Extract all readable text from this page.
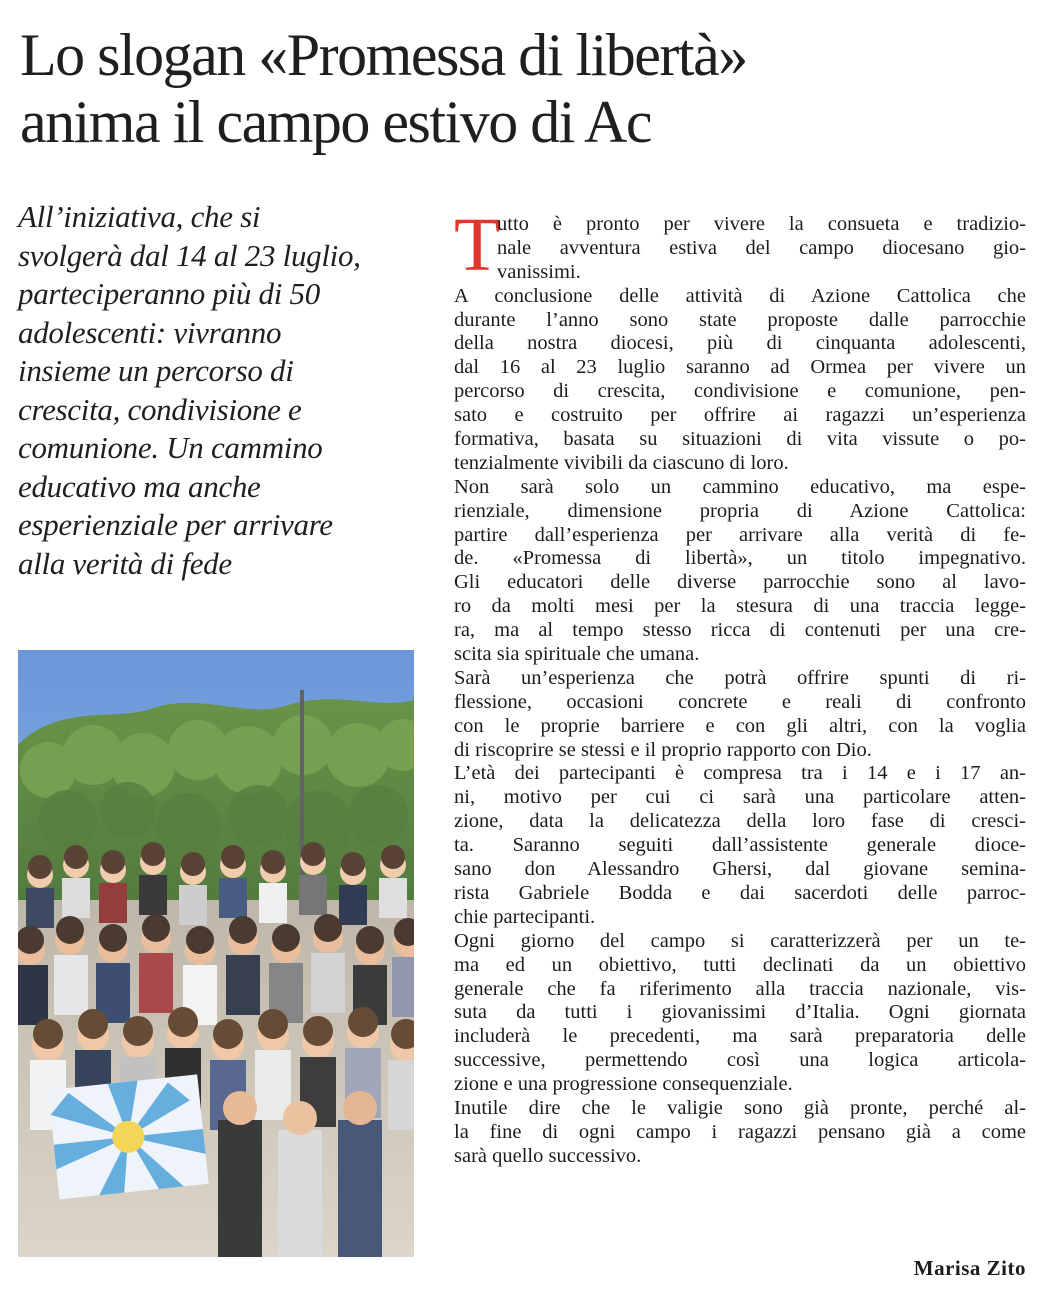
Lo slogan «Promessa di libertà»
anima il campo estivo di Ac
All’iniziativa, che si
svolgerà dal 14 al 23 luglio,
parteciperanno più di 50
adolescenti: vivranno
insieme un percorso di
crescita, condivisione e
comunione. Un cammino
educativo ma anche
esperienziale per arrivare
alla verità di fede
T
utto è pronto per vivere la consueta e tradizio-
nale avventura estiva del campo diocesano gio-
vanissimi.
A conclusione delle attività di Azione Cattolica che
durante l’anno sono state proposte dalle parrocchie
della nostra diocesi, più di cinquanta adolescenti,
dal 16 al 23 luglio saranno ad Ormea per vivere un
percorso di crescita, condivisione e comunione, pen-
sato e costruito per offrire ai ragazzi un’esperienza
formativa, basata su situazioni di vita vissute o po-
tenzialmente vivibili da ciascuno di loro.
Non sarà solo un cammino educativo, ma espe-
rienziale, dimensione propria di Azione Cattolica:
partire dall’esperienza per arrivare alla verità di fe-
de. «Promessa di libertà», un titolo impegnativo.
Gli educatori delle diverse parrocchie sono al lavo-
ro da molti mesi per la stesura di una traccia legge-
ra, ma al tempo stesso ricca di contenuti per una cre-
scita sia spirituale che umana.
Sarà un’esperienza che potrà offrire spunti di ri-
flessione, occasioni concrete e reali di confronto
con le proprie barriere e con gli altri, con la voglia
di riscoprire se stessi e il proprio rapporto con Dio.
L’età dei partecipanti è compresa tra i 14 e i 17 an-
ni, motivo per cui ci sarà una particolare atten-
zione, data la delicatezza della loro fase di cresci-
ta. Saranno seguiti dall’assistente generale dioce-
sano don Alessandro Ghersi, dal giovane semina-
rista Gabriele Bodda e dai sacerdoti delle parroc-
chie partecipanti.
Ogni giorno del campo si caratterizzerà per un te-
ma ed un obiettivo, tutti declinati da un obiettivo
generale che fa riferimento alla traccia nazionale, vis-
suta da tutti i giovanissimi d’Italia. Ogni giornata
includerà le precedenti, ma sarà preparatoria delle
successive, permettendo così una logica articola-
zione e una progressione consequenziale.
Inutile dire che le valigie sono già pronte, perché al-
la fine di ogni campo i ragazzi pensano già a come
sarà quello successivo.
Marisa Zito
